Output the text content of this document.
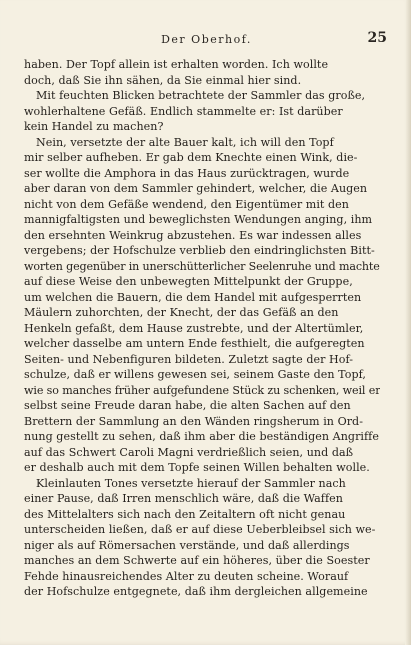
Der Oberhof.	25
haben. Der Topf allein ist erhalten worden. Ich wollte
doch, daß Sie ihn sähen, da Sie einmal hier sind.
Mit feuchten Blicken betrachtete der Sammler das große,
wohlerhaltene Gefäß. Endlich stammelte er: Ist darüber
kein Handel zu machen?
Nein, versetzte der alte Bauer kalt, ich will den Topf
mir selber aufheben. Er gab dem Knechte einen Wink, die-
ser wollte die Amphora in das Haus zurücktragen, wurde
aber daran von dem Sammler gehindert, welcher, die Augen
nicht von dem Gefäße wendend, den Eigentümer mit den
mannigfaltigsten und beweglichsten Wendungen anging, ihm
den ersehnten Weinkrug abzustehen. Es war indessen alles
vergebens; der Hofschulze verblieb den eindringlichsten Bitt-
worten gegenüber in unerschütterlicher Seelenruhe und machte
auf diese Weise den unbewegten Mittelpunkt der Gruppe,
um welchen die Bauern, die dem Handel mit aufgesperrten
Mäulern zuhorchten, der Knecht, der das Gefäß an den
Henkeln gefaßt, dem Hause zustrebte, und der Altertümler,
welcher dasselbe am untern Ende festhielt, die aufgeregten
Seiten- und Nebenfiguren bildeten. Zuletzt sagte der Hof-
schulze, daß er willens gewesen sei, seinem Gaste den Topf,
wie so manches früher aufgefundene Stück zu schenken, weil er
selbst seine Freude daran habe, die alten Sachen auf den
Brettern der Sammlung an den Wänden ringsherum in Ord-
nung gestellt zu sehen, daß ihm aber die beständigen Angriffe
auf das Schwert Caroli Magni verdrießlich seien, und daß
er deshalb auch mit dem Topfe seinen Willen behalten wolle.
Kleinlauten Tones versetzte hierauf der Sammler nach
einer Pause, daß Irren menschlich wäre, daß die Waffen
des Mittelalters sich nach den Zeitaltern oft nicht genau
unterscheiden ließen, daß er auf diese Ueberbleibsel sich we-
niger als auf Römersachen verstände, und daß allerdings
manches an dem Schwerte auf ein höheres, über die Soester
Fehde hinausreichendes Alter zu deuten scheine. Worauf
der Hofschulze entgegnete, daß ihm dergleichen allgemeine
